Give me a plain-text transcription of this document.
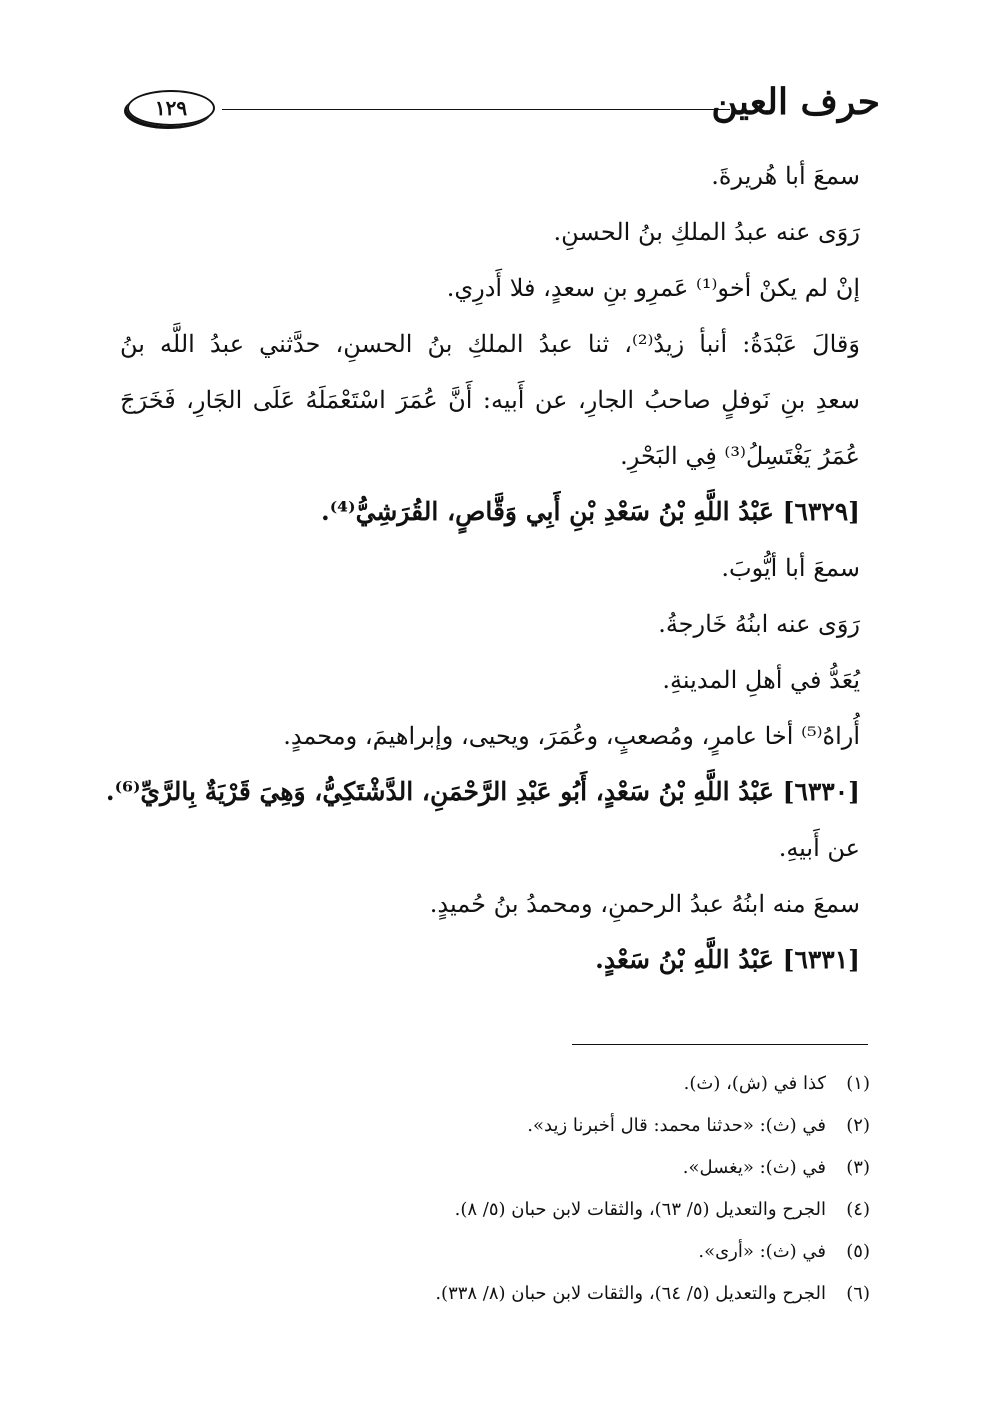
حرف العين
١٢٩
سمعَ أبا هُريرةَ.
رَوَى عنه عبدُ الملكِ بنُ الحسنِ.
إنْ لم يكنْ أخو⁽¹⁾ عَمرِو بنِ سعدٍ، فلا أَدرِي.
وَقالَ عَبْدَةُ: أنبأ زيدٌ⁽²⁾، ثنا عبدُ الملكِ بنُ الحسنِ، حدَّثني عبدُ اللَّه بنُ
سعدِ بنِ نَوفلٍ صاحبُ الجارِ، عن أَبيه: أَنَّ عُمَرَ اسْتَعْمَلَهُ عَلَى الجَارِ، فَخَرَجَ
عُمَرُ يَغْتَسِلُ⁽³⁾ فِي البَحْرِ.
[٦٣٢٩] عَبْدُ اللَّهِ بْنُ سَعْدِ بْنِ أَبِي وَقَّاصٍ، القُرَشِيُّ⁽⁴⁾.
سمعَ أبا أيُّوبَ.
رَوَى عنه ابنُهُ خَارجةُ.
يُعَدُّ في أهلِ المدينةِ.
أُراهُ⁽⁵⁾ أخا عامرٍ، ومُصعبٍ، وعُمَرَ، ويحيى، وإبراهيمَ، ومحمدٍ.
[٦٣٣٠] عَبْدُ اللَّهِ بْنُ سَعْدٍ، أَبُو عَبْدِ الرَّحْمَنِ، الدَّشْتَكِيُّ، وَهِيَ قَرْيَةٌ بِالرَّيِّ⁽⁶⁾.
عن أَبيهِ.
سمعَ منه ابنُهُ عبدُ الرحمنِ، ومحمدُ بنُ حُميدٍ.
[٦٣٣١] عَبْدُ اللَّهِ بْنُ سَعْدٍ.
(١)كذا في (ش)، (ث).
(٢)في (ث): «حدثنا محمد: قال أخبرنا زيد».
(٣)في (ث): «يغسل».
(٤)الجرح والتعديل (٥/ ٦٣)، والثقات لابن حبان (٥/ ٨).
(٥)في (ث): «أرى».
(٦)الجرح والتعديل (٥/ ٦٤)، والثقات لابن حبان (٨/ ٣٣٨).
